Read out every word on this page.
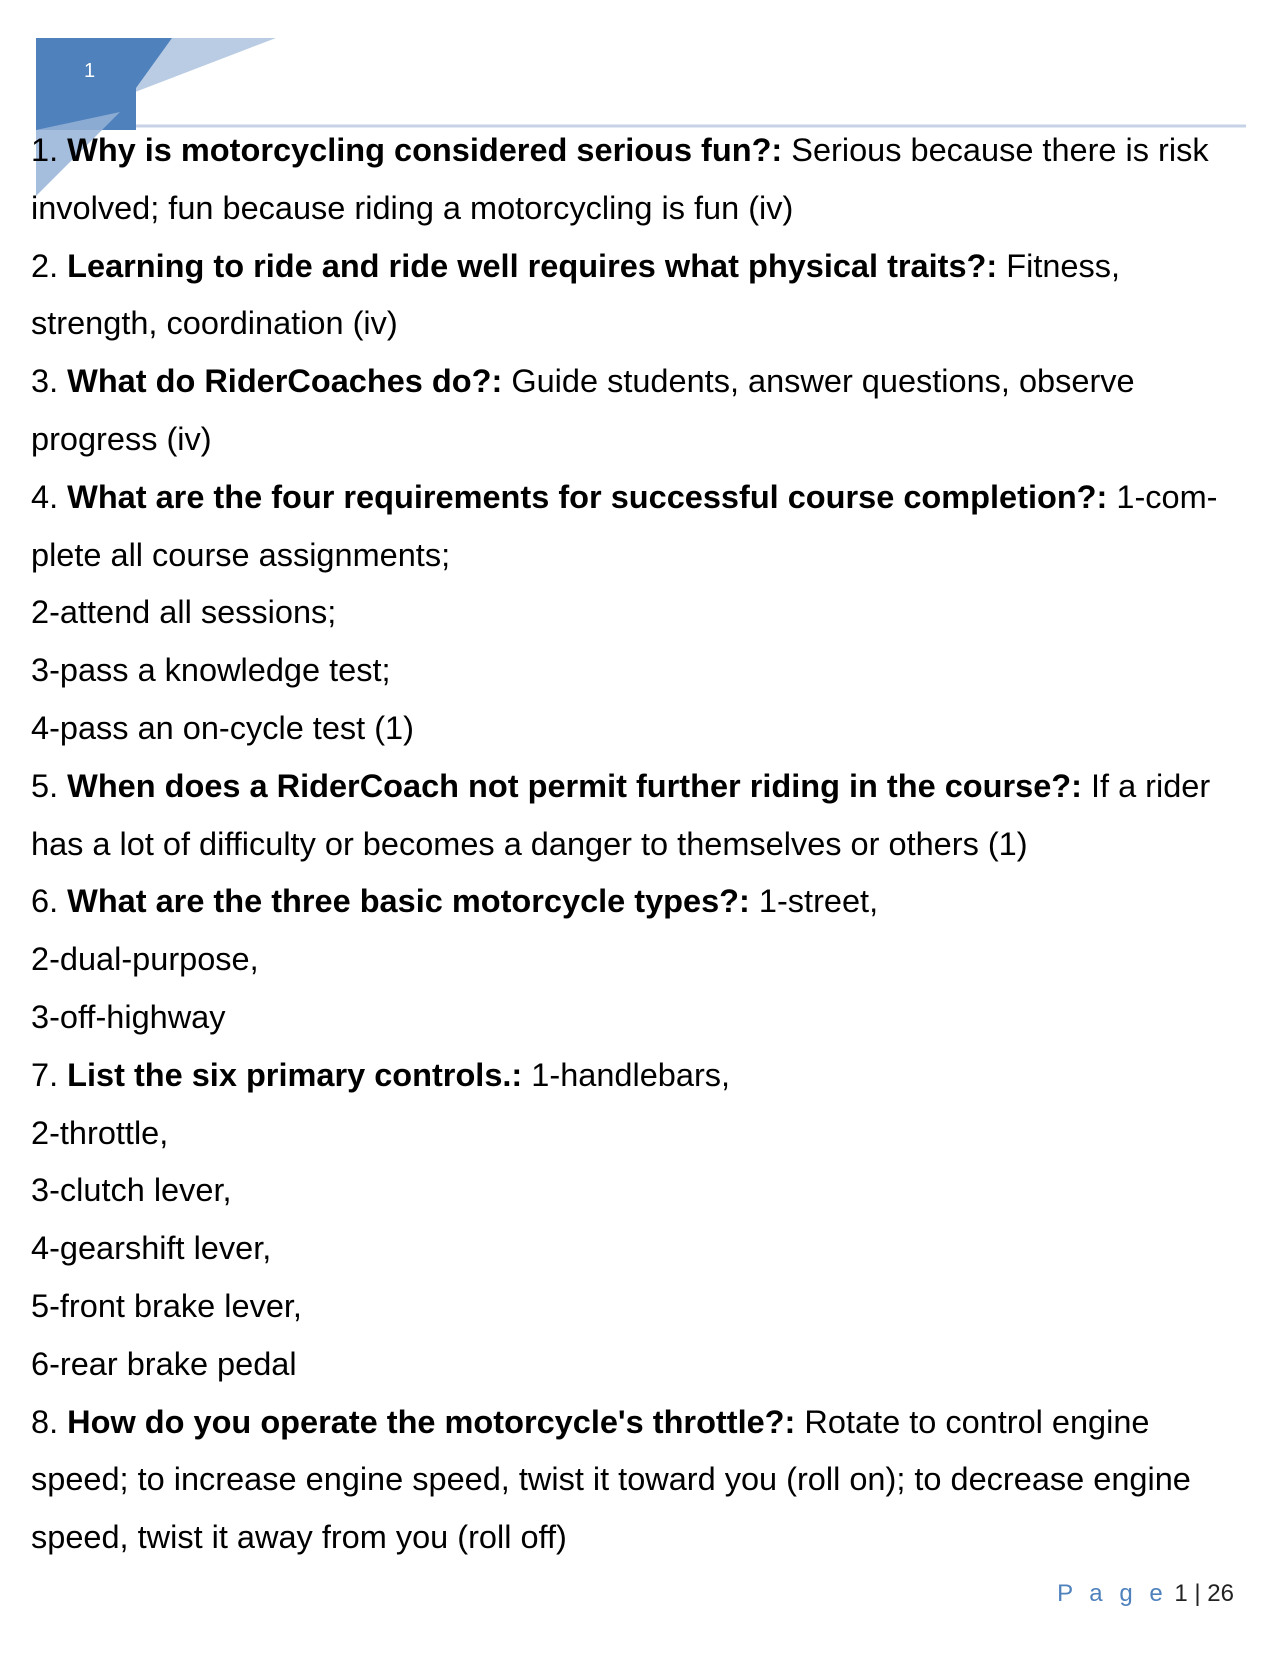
1

1. Why is motorcycling considered serious fun?: Serious because there is risk involved; fun because riding a motorcycling is fun (iv)

2. Learning to ride and ride well requires what physical traits?: Fitness, strength, coordination (iv)

3. What do RiderCoaches do?: Guide students, answer questions, observe progress (iv)

4. What are the four requirements for successful course completion?: 1-com-plete all course assignments;

2-attend all sessions;

3-pass a knowledge test;

4-pass an on-cycle test (1)

5. When does a RiderCoach not permit further riding in the course?: If a rider has a lot of difficulty or becomes a danger to themselves or others (1)

6. What are the three basic motorcycle types?: 1-street,

2-dual-purpose,

3-off-highway

7. List the six primary controls.: 1-handlebars,

2-throttle,

3-clutch lever,

4-gearshift lever,

5-front brake lever,

6-rear brake pedal

8. How do you operate the motorcycle's throttle?: Rotate to control engine speed; to increase engine speed, twist it toward you (roll on); to decrease engine speed, twist it away from you (roll off)

P a g e 1 | 26
